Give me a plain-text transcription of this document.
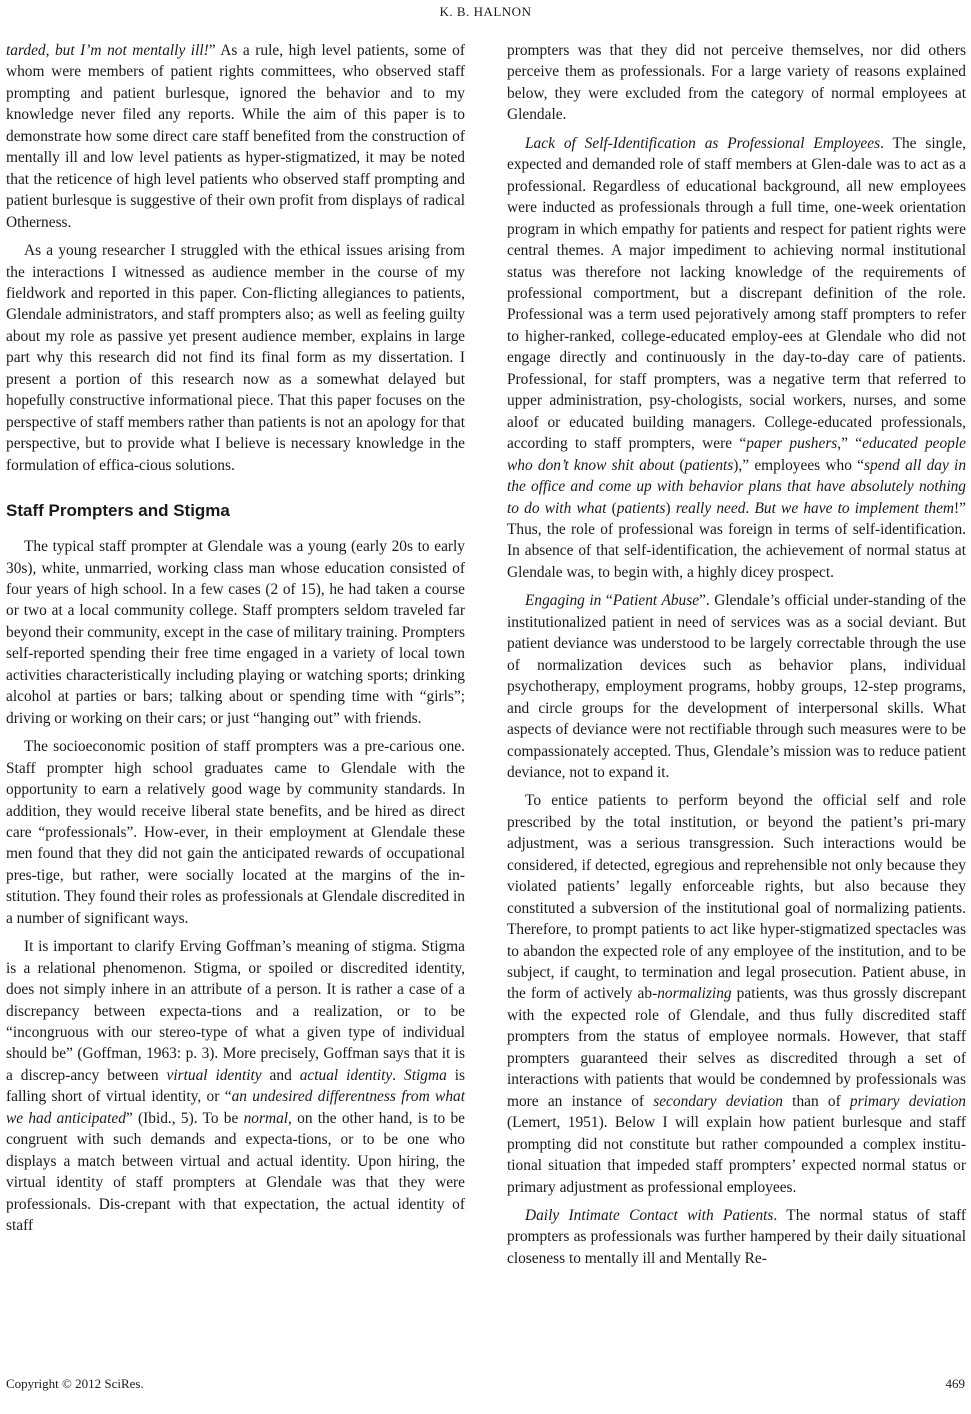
K. B. HALNON

tarded, but I’m not mentally ill!” As a rule, high level patients, some of whom were members of patient rights committees, who observed staff prompting and patient burlesque, ignored the behavior and to my knowledge never filed any reports. While the aim of this paper is to demonstrate how some direct care staff benefited from the construction of mentally ill and low level patients as hyper-stigmatized, it may be noted that the reticence of high level patients who observed staff prompting and patient burlesque is suggestive of their own profit from displays of radical Otherness.

As a young researcher I struggled with the ethical issues arising from the interactions I witnessed as audience member in the course of my fieldwork and reported in this paper. Con-flicting allegiances to patients, Glendale administrators, and staff prompters also; as well as feeling guilty about my role as passive yet present audience member, explains in large part why this research did not find its final form as my dissertation. I present a portion of this research now as a somewhat delayed but hopefully constructive informational piece. That this paper focuses on the perspective of staff members rather than patients is not an apology for that perspective, but to provide what I believe is necessary knowledge in the formulation of effica-cious solutions.

Staff Prompters and Stigma

The typical staff prompter at Glendale was a young (early 20s to early 30s), white, unmarried, working class man whose education consisted of four years of high school. In a few cases (2 of 15), he had taken a course or two at a local community college. Staff prompters seldom traveled far beyond their community, except in the case of military training. Prompters self-reported spending their free time engaged in a variety of local town activities characteristically including playing or watching sports; drinking alcohol at parties or bars; talking about or spending time with “girls”; driving or working on their cars; or just “hanging out” with friends.

The socioeconomic position of staff prompters was a pre-carious one. Staff prompter high school graduates came to Glendale with the opportunity to earn a relatively good wage by community standards. In addition, they would receive liberal state benefits, and be hired as direct care “professionals”. How-ever, in their employment at Glendale these men found that they did not gain the anticipated rewards of occupational pres-tige, but rather, were socially located at the margins of the in-stitution. They found their roles as professionals at Glendale discredited in a number of significant ways.

It is important to clarify Erving Goffman’s meaning of stigma. Stigma is a relational phenomenon. Stigma, or spoiled or discredited identity, does not simply inhere in an attribute of a person. It is rather a case of a discrepancy between expecta-tions and a realization, or to be “incongruous with our stereo-type of what a given type of individual should be” (Goffman, 1963: p. 3). More precisely, Goffman says that it is a discrep-ancy between virtual identity and actual identity. Stigma is falling short of virtual identity, or “an undesired differentness from what we had anticipated” (Ibid., 5). To be normal, on the other hand, is to be congruent with such demands and expecta-tions, or to be one who displays a match between virtual and actual identity. Upon hiring, the virtual identity of staff prompters at Glendale was that they were professionals. Dis-crepant with that expectation, the actual identity of staff

prompters was that they did not perceive themselves, nor did others perceive them as professionals. For a large variety of reasons explained below, they were excluded from the category of normal employees at Glendale.

Lack of Self-Identification as Professional Employees. The single, expected and demanded role of staff members at Glen-dale was to act as a professional. Regardless of educational background, all new employees were inducted as professionals through a full time, one-week orientation program in which empathy for patients and respect for patient rights were central themes. A major impediment to achieving normal institutional status was therefore not lacking knowledge of the requirements of professional comportment, but a discrepant definition of the role. Professional was a term used pejoratively among staff prompters to refer to higher-ranked, college-educated employ-ees at Glendale who did not engage directly and continuously in the day-to-day care of patients. Professional, for staff prompters, was a negative term that referred to upper administration, psy-chologists, social workers, nurses, and some aloof or educated building managers. College-educated professionals, according to staff prompters, were “paper pushers,” “educated people who don’t know shit about (patients),” employees who “spend all day in the office and come up with behavior plans that have absolutely nothing to do with what (patients) really need. But we have to implement them!” Thus, the role of professional was foreign in terms of self-identification. In absence of that self-identification, the achievement of normal status at Glendale was, to begin with, a highly dicey prospect.

Engaging in “Patient Abuse”. Glendale’s official under-standing of the institutionalized patient in need of services was as a social deviant. But patient deviance was understood to be largely correctable through the use of normalization devices such as behavior plans, individual psychotherapy, employment programs, hobby groups, 12-step programs, and circle groups for the development of interpersonal skills. What aspects of deviance were not rectifiable through such measures were to be compassionately accepted. Thus, Glendale’s mission was to reduce patient deviance, not to expand it.

To entice patients to perform beyond the official self and role prescribed by the total institution, or beyond the patient’s pri-mary adjustment, was a serious transgression. Such interactions would be considered, if detected, egregious and reprehensible not only because they violated patients’ legally enforceable rights, but also because they constituted a subversion of the institutional goal of normalizing patients. Therefore, to prompt patients to act like hyper-stigmatized spectacles was to abandon the expected role of any employee of the institution, and to be subject, if caught, to termination and legal prosecution. Patient abuse, in the form of actively ab-normalizing patients, was thus grossly discrepant with the expected role of Glendale, and thus fully discredited staff prompters from the status of employee normals. However, that staff prompters guaranteed their selves as discredited through a set of interactions with patients that would be condemned by professionals was more an instance of secondary deviation than of primary deviation (Lemert, 1951). Below I will explain how patient burlesque and staff prompting did not constitute but rather compounded a complex institu-tional situation that impeded staff prompters’ expected normal status or primary adjustment as professional employees.

Daily Intimate Contact with Patients. The normal status of staff prompters as professionals was further hampered by their daily situational closeness to mentally ill and Mentally Re-

Copyright © 2012 SciRes.	469
